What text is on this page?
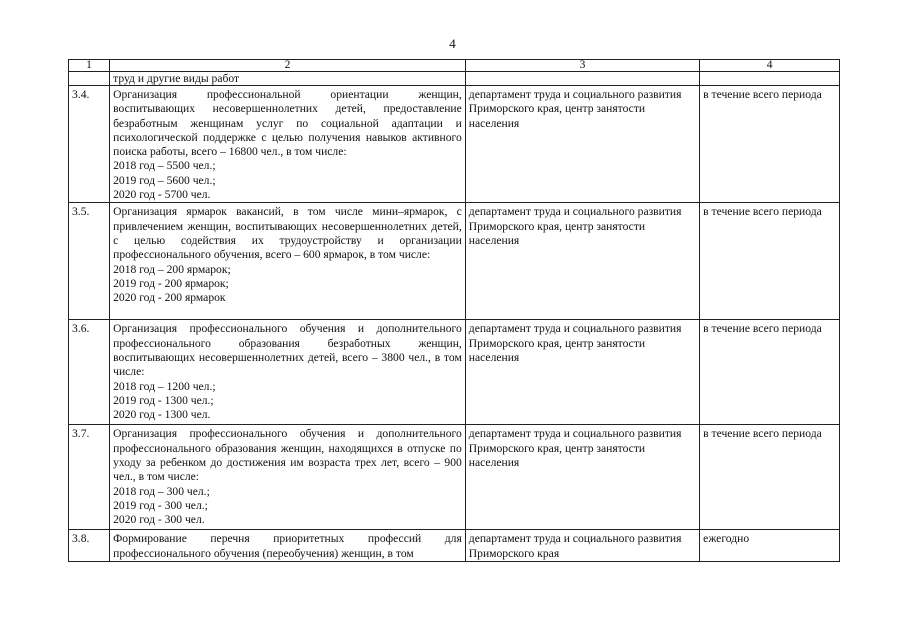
4
1	2	3	4
	труд и другие виды работ		
3.4.	Организация профессиональной ориентации женщин, воспитывающих несовершеннолетних детей, предоставление безработным женщинам услуг по социальной адаптации и психологической поддержке с целью получения навыков активного поиска работы, всего – 16800 чел., в том числе:
2018 год – 5500 чел.;
2019 год – 5600 чел.;
2020 год - 5700 чел.	департамент труда и социального развития Приморского края, центр занятости населения	в течение всего периода
3.5.	Организация ярмарок вакансий, в том числе мини–ярмарок, с привлечением женщин, воспитывающих несовершеннолетних детей, с целью содействия их трудоустройству и организации профессионального обучения, всего – 600 ярмарок, в том числе:
2018 год – 200 ярмарок;
2019 год - 200 ярмарок;
2020 год - 200 ярмарок	департамент труда и социального развития Приморского края, центр занятости населения	в течение всего периода
3.6.	Организация профессионального обучения и дополнительного профессионального образования безработных женщин, воспитывающих несовершеннолетних детей, всего – 3800 чел., в том числе:
2018 год – 1200 чел.;
2019 год - 1300 чел.;
2020 год - 1300 чел.	департамент труда и социального развития Приморского края, центр занятости населения	в течение всего периода
3.7.	Организация профессионального обучения и дополнительного профессионального образования женщин, находящихся в отпуске по уходу за ребенком до достижения им возраста трех лет, всего – 900 чел., в том числе:
2018 год – 300 чел.;
2019 год - 300 чел.;
2020 год - 300 чел.	департамент труда и социального развития Приморского края, центр занятости населения	в течение всего периода
3.8.	Формирование перечня приоритетных профессий для профессионального обучения (переобучения) женщин, в том	департамент труда и социального развития Приморского края	ежегодно
